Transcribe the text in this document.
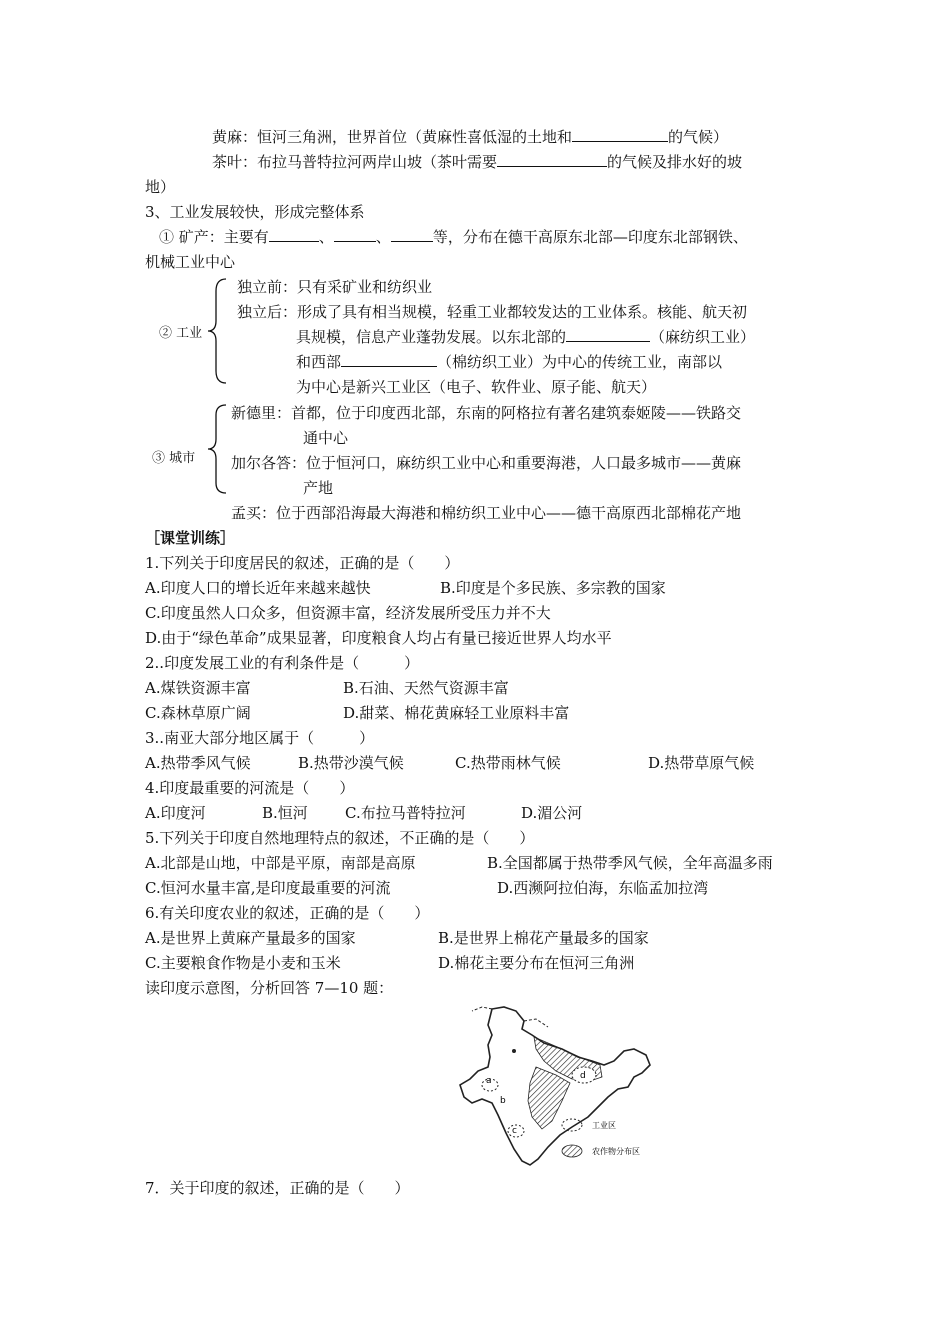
黄麻：恒河三角洲，世界首位（黄麻性喜低湿的土地和	的气候）
茶叶：布拉马普特拉河两岸山坡（茶叶需要	的气候及排水好的坡
地）
3、工业发展较快，形成完整体系
① 矿产：主要有	、	、	等，分布在德干高原东北部—印度东北部钢铁、
机械工业中心
② 工业
独立前：只有采矿业和纺织业
独立后：形成了具有相当规模，轻重工业都较发达的工业体系。核能、航天初
具规模，信息产业蓬勃发展。以东北部的	（麻纺织工业）
和西部	（棉纺织工业）为中心的传统工业，南部以
为中心是新兴工业区（电子、软件业、原子能、航天）
③ 城市
新德里：首都，位于印度西北部，东南的阿格拉有著名建筑泰姬陵——铁路交
通中心
加尔各答：位于恒河口，麻纺织工业中心和重要海港，人口最多城市——黄麻
产地
孟买：位于西部沿海最大海港和棉纺织工业中心——德干高原西北部棉花产地
［课堂训练］
1.下列关于印度居民的叙述，正确的是（　　）
A.印度人口的增长近年来越来越快	B.印度是个多民族、多宗教的国家
C.印度虽然人口众多，但资源丰富，经济发展所受压力并不大
D.由于“绿色革命”成果显著，印度粮食人均占有量已接近世界人均水平
2..印度发展工业的有利条件是（　　　）
A.煤铁资源丰富	B.石油、天然气资源丰富
C.森林草原广阔	D.甜菜、棉花黄麻轻工业原料丰富
3..南亚大部分地区属于（　　　）
A.热带季风气候	B.热带沙漠气候	C.热带雨林气候	D.热带草原气候
4.印度最重要的河流是（　　）
A.印度河	B.恒河 C.布拉马普特拉河	D.湄公河
5.下列关于印度自然地理特点的叙述，不正确的是（　　）
A.北部是山地，中部是平原，南部是高原	B.全国都属于热带季风气候，全年高温多雨
C.恒河水量丰富,是印度最重要的河流	D.西濒阿拉伯海，东临孟加拉湾
6.有关印度农业的叙述，正确的是（　　）
A.是世界上黄麻产量最多的国家	B.是世界上棉花产量最多的国家
C.主要粮食作物是小麦和玉米	D.棉花主要分布在恒河三角洲
读印度示意图，分析回答 7—10 题：
a
b
c
d
工业区
农作物分布区
7．关于印度的叙述，正确的是（　　）
